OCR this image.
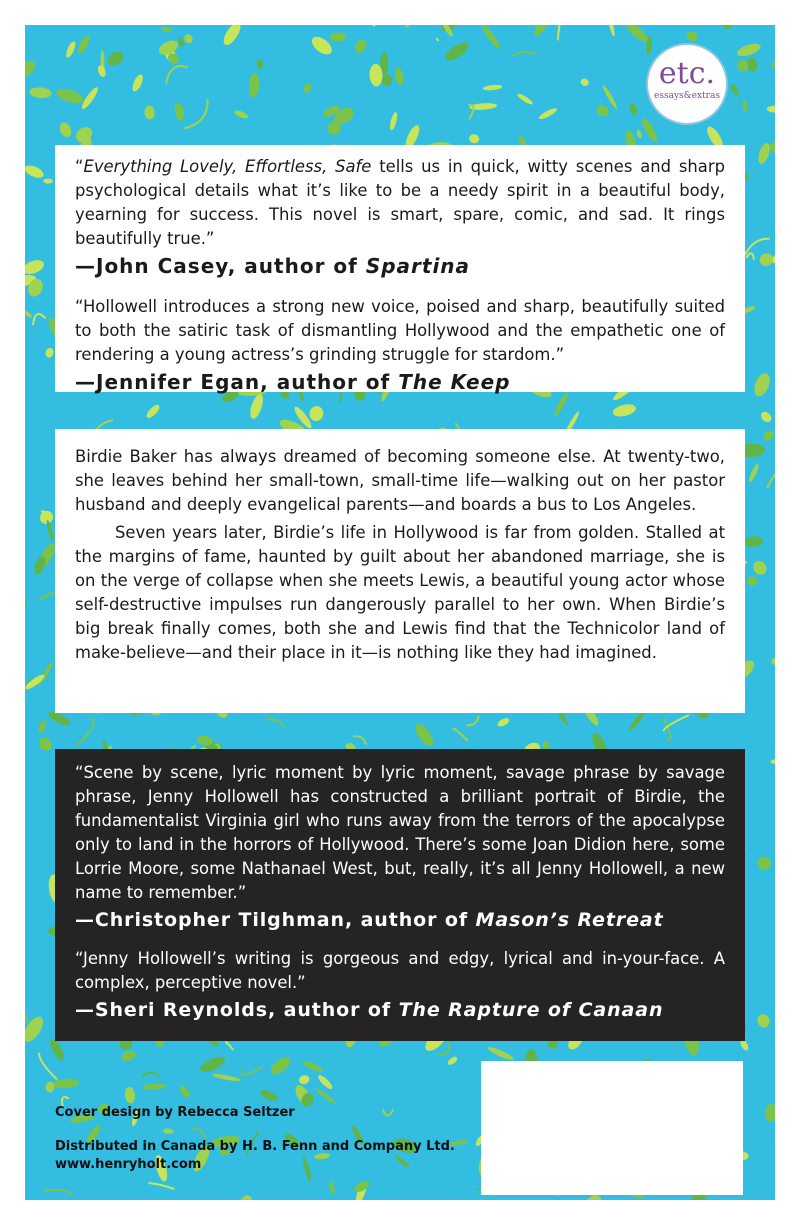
etc.
essays&extras

“Everything Lovely, Effortless, Safe tells us in quick, witty scenes and sharp psychological details what it’s like to be a needy spirit in a beautiful body, yearning for success. This novel is smart, spare, comic, and sad. It rings beautifully true.”

—John Casey, author of Spartina

“Hollowell introduces a strong new voice, poised and sharp, beautifully suited to both the satiric task of dismantling Hollywood and the empathetic one of rendering a young actress’s grinding struggle for stardom.”

—Jennifer Egan, author of The Keep

Birdie Baker has always dreamed of becoming someone else. At twenty-two, she leaves behind her small-town, small-time life—walking out on her pastor husband and deeply evangelical parents—and boards a bus to Los Angeles.

Seven years later, Birdie’s life in Hollywood is far from golden. Stalled at the margins of fame, haunted by guilt about her abandoned marriage, she is on the verge of collapse when she meets Lewis, a beautiful young actor whose self-destructive impulses run dangerously parallel to her own. When Birdie’s big break finally comes, both she and Lewis find that the Technicolor land of make-believe—and their place in it—is nothing like they had imagined.

“Scene by scene, lyric moment by lyric moment, savage phrase by savage phrase, Jenny Hollowell has constructed a brilliant portrait of Birdie, the fundamentalist Virginia girl who runs away from the terrors of the apocalypse only to land in the horrors of Hollywood. There’s some Joan Didion here, some Lorrie Moore, some Nathanael West, but, really, it’s all Jenny Hollowell, a new name to remember.”

—Christopher Tilghman, author of Mason’s Retreat

“Jenny Hollowell’s writing is gorgeous and edgy, lyrical and in-your-face. A complex, perceptive novel.”

—Sheri Reynolds, author of The Rapture of Canaan

Cover design by Rebecca Seltzer
Distributed in Canada by H. B. Fenn and Company Ltd.
www.henryholt.com
